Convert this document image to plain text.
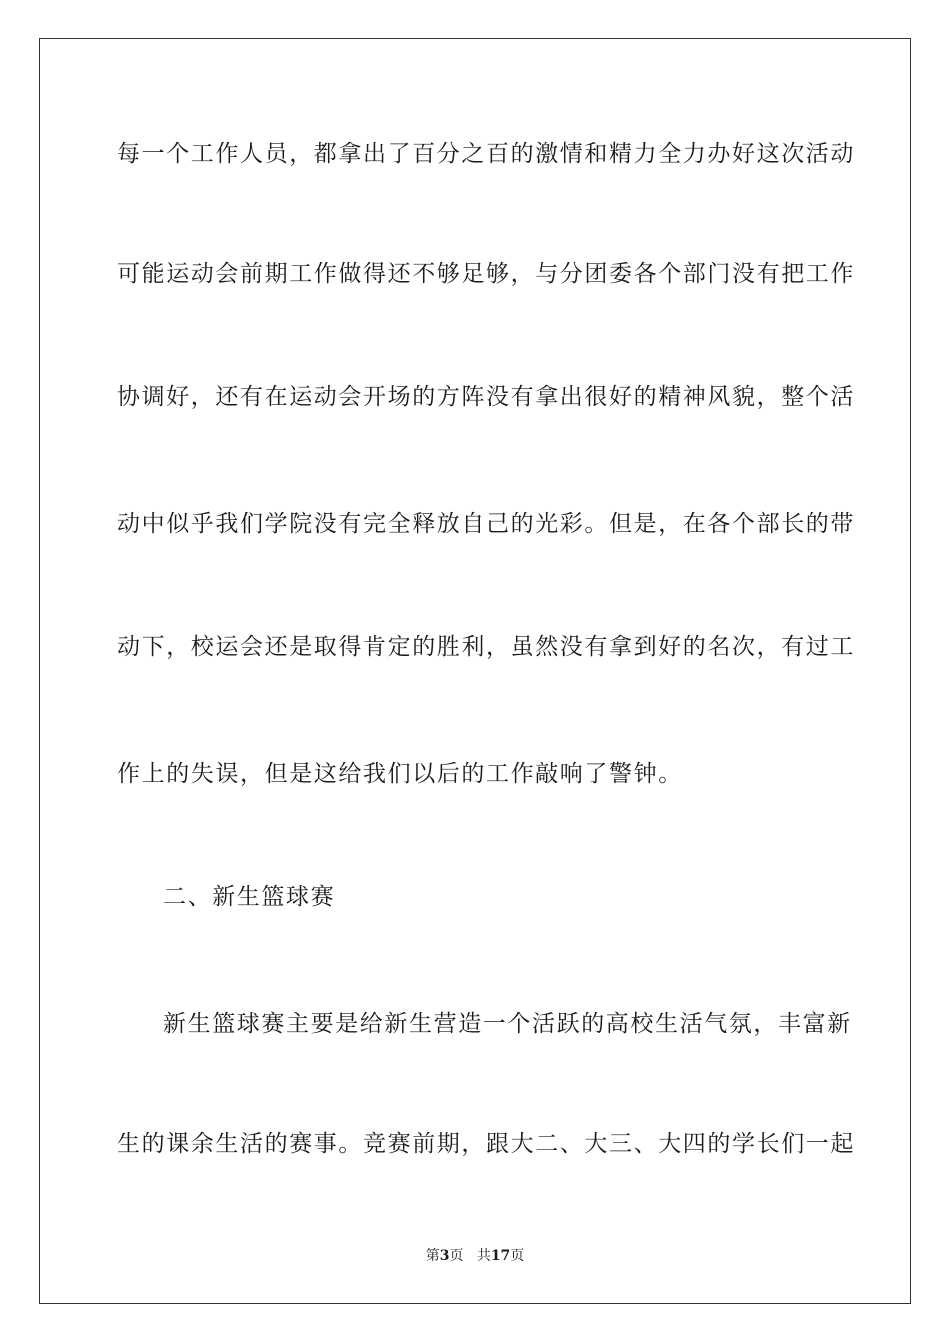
每一个工作人员，都拿出了百分之百的激情和精力全力办好这次活动
可能运动会前期工作做得还不够足够，与分团委各个部门没有把工作
协调好，还有在运动会开场的方阵没有拿出很好的精神风貌，整个活
动中似乎我们学院没有完全释放自己的光彩。但是，在各个部长的带
动下，校运会还是取得肯定的胜利，虽然没有拿到好的名次，有过工
作上的失误，但是这给我们以后的工作敲响了警钟。
二、新生篮球赛
新生篮球赛主要是给新生营造一个活跃的高校生活气氛，丰富新
生的课余生活的赛事。竞赛前期，跟大二、大三、大四的学长们一起
第3页 共17页
